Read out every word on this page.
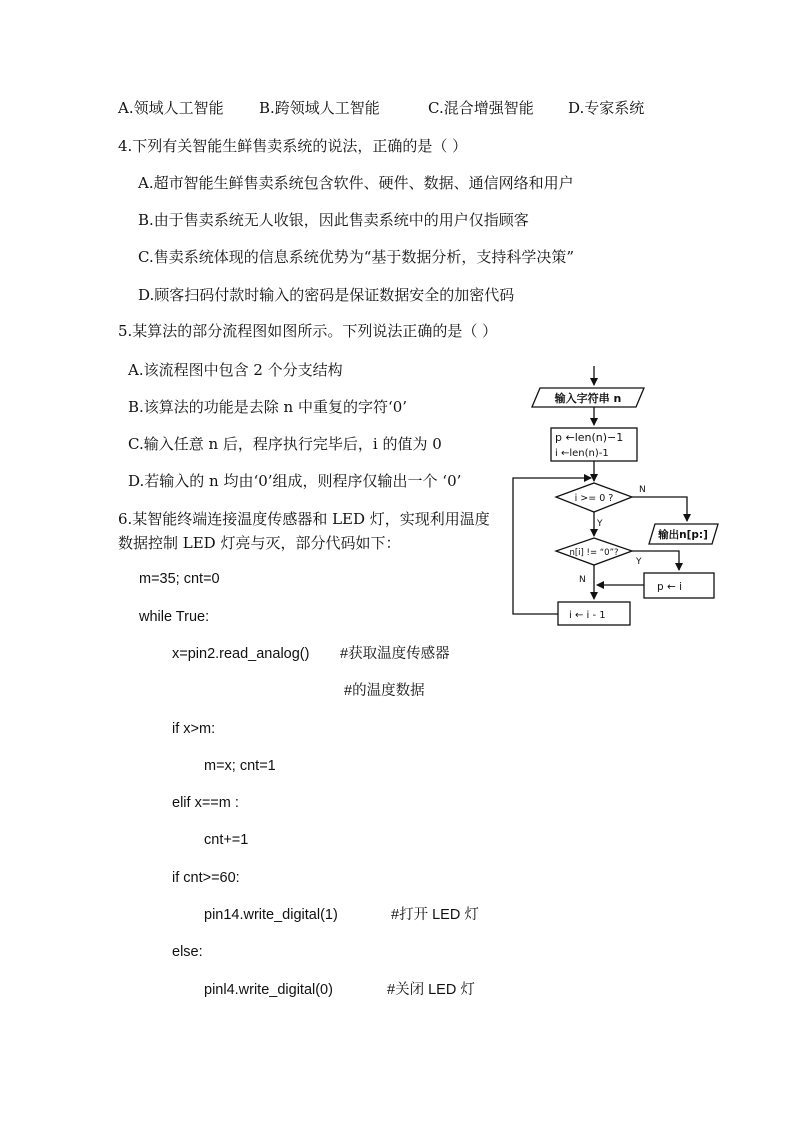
A.领域人工智能 B.跨领域人工智能	C.混合增强智能 D.专家系统
4.下列有关智能生鲜售卖系统的说法，正确的是（ ）
A.超市智能生鲜售卖系统包含软件、硬件、数据、通信网络和用户
B.由于售卖系统无人收银，因此售卖系统中的用户仅指顾客
C.售卖系统体现的信息系统优势为“基于数据分析，支持科学决策”
D.顾客扫码付款时输入的密码是保证数据安全的加密代码
5.某算法的部分流程图如图所示。下列说法正确的是（ ）
A.该流程图中包含 2 个分支结构
B.该算法的功能是去除 n 中重复的字符‘0’
C.输入任意 n 后，程序执行完毕后，i 的值为 0
D.若输入的 n 均由‘0’组成，则程序仅输出一个 ‘0’
6.某智能终端连接温度传感器和 LED 灯，实现利用温度
数据控制 LED 灯亮与灭，部分代码如下：
m=35; cnt=0
while True:
x=pin2.read_analog() #获取温度传感器
#的温度数据
if x>m:
m=x; cnt=1
elif x==m :
cnt+=1
if cnt>=60:
pin14.write_digital(1)	#打开 LED 灯
else:
pinl4.write_digital(0)	#关闭 LED 灯
输入字符串 n
p ←len(n)−1
i ←len(n)-1
i >= 0 ?
N
Y
输出n[p:]
n[i] != “0”?
Y
N
p ← i
i ← i - 1
